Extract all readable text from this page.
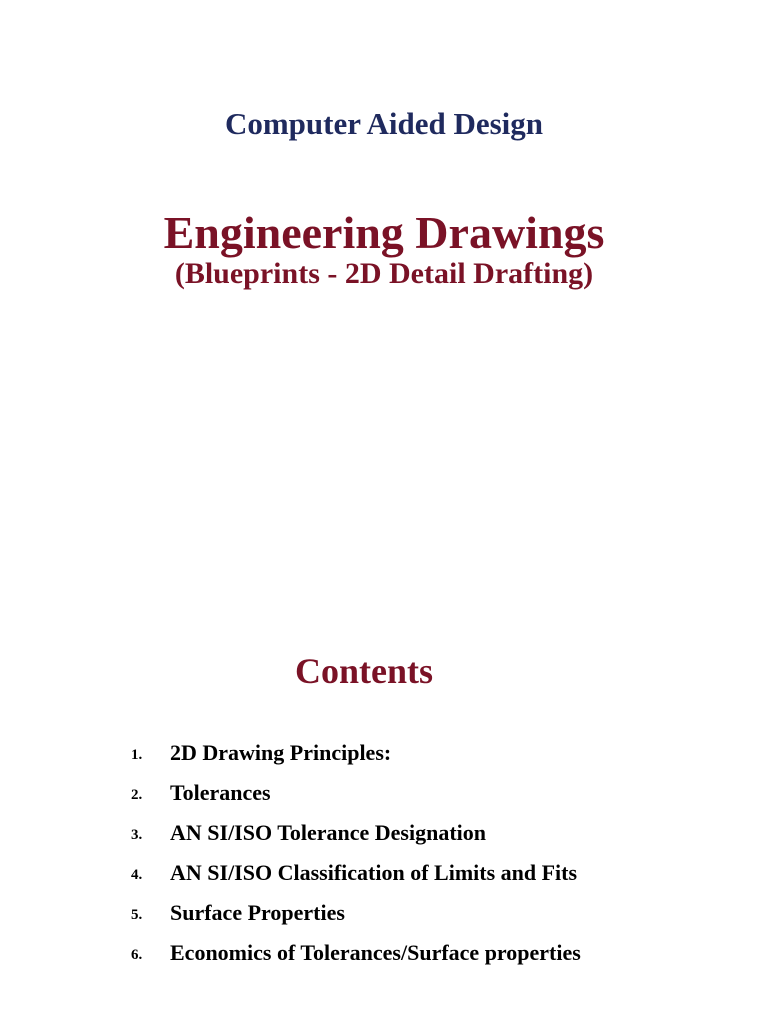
Computer Aided Design
Engineering Drawings
(Blueprints - 2D Detail Drafting)
Contents
1. 2D Drawing Principles:
2. Tolerances
3. AN SI/ISO Tolerance Designation
4. AN SI/ISO Classification of Limits and Fits
5. Surface Properties
6. Economics of Tolerances/Surface properties
